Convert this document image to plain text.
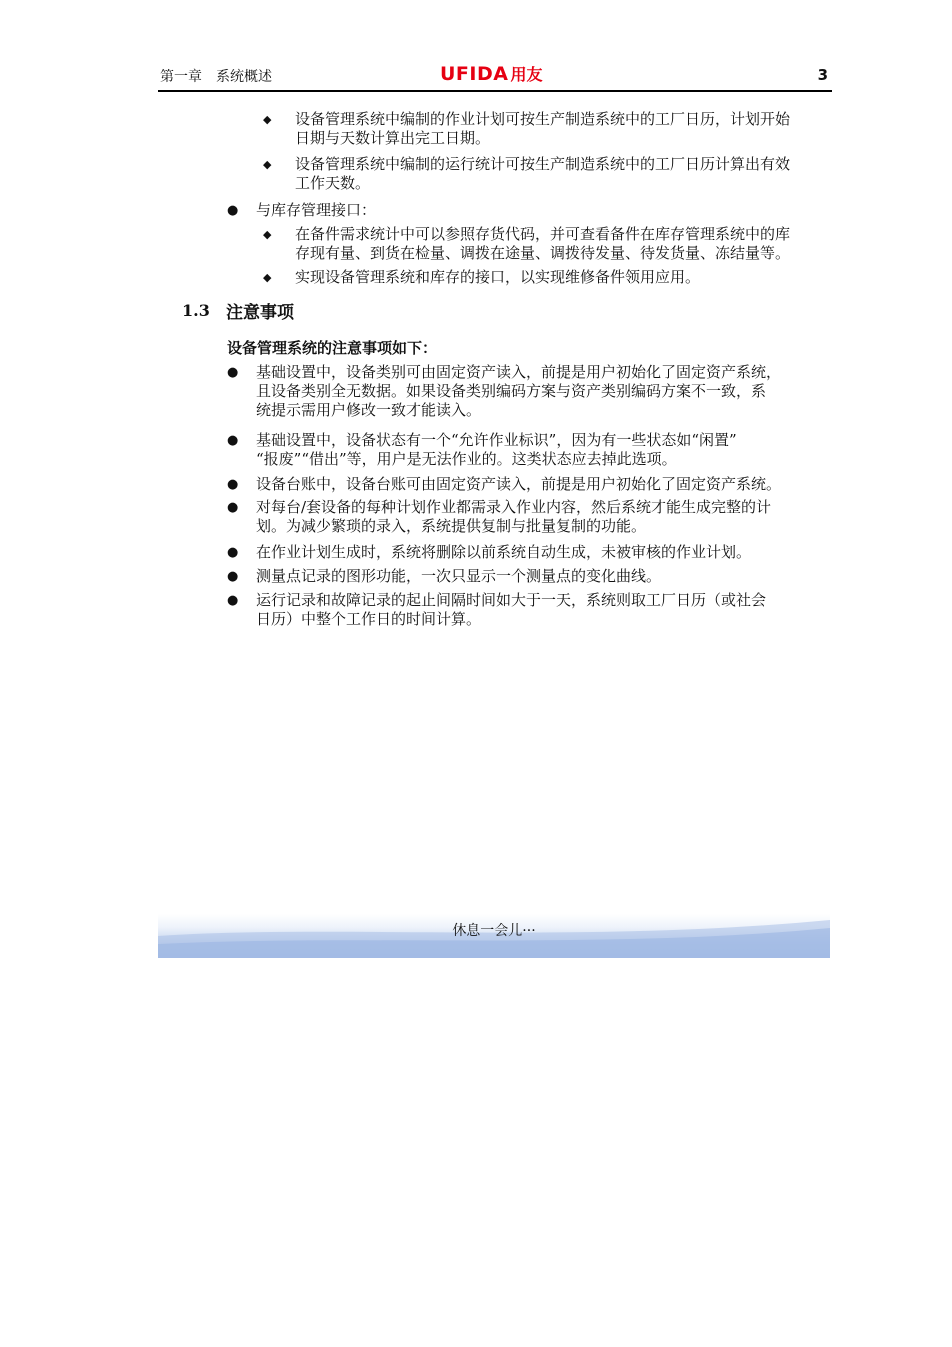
第一章　系统概述	UFIDA 用友	3
◆ 设备管理系统中编制的作业计划可按生产制造系统中的工厂日历，计划开始
日期与天数计算出完工日期。
◆ 设备管理系统中编制的运行统计可按生产制造系统中的工厂日历计算出有效
工作天数。
● 与库存管理接口：
◆ 在备件需求统计中可以参照存货代码，并可查看备件在库存管理系统中的库
存现有量、到货在检量、调拨在途量、调拨待发量、待发货量、冻结量等。
◆ 实现设备管理系统和库存的接口，以实现维修备件领用应用。
1.3 注意事项
设备管理系统的注意事项如下：
● 基础设置中，设备类别可由固定资产读入，前提是用户初始化了固定资产系统，
且设备类别全无数据。如果设备类别编码方案与资产类别编码方案不一致，系
统提示需用户修改一致才能读入。
● 基础设置中，设备状态有一个“允许作业标识”，因为有一些状态如“闲置”
“报废”“借出”等，用户是无法作业的。这类状态应去掉此选项。
● 设备台账中，设备台账可由固定资产读入，前提是用户初始化了固定资产系统。
● 对每台/套设备的每种计划作业都需录入作业内容，然后系统才能生成完整的计
划。为减少繁琐的录入，系统提供复制与批量复制的功能。
● 在作业计划生成时，系统将删除以前系统自动生成，未被审核的作业计划。
● 测量点记录的图形功能，一次只显示一个测量点的变化曲线。
● 运行记录和故障记录的起止间隔时间如大于一天，系统则取工厂日历（或社会
日历）中整个工作日的时间计算。
休息一会儿···
